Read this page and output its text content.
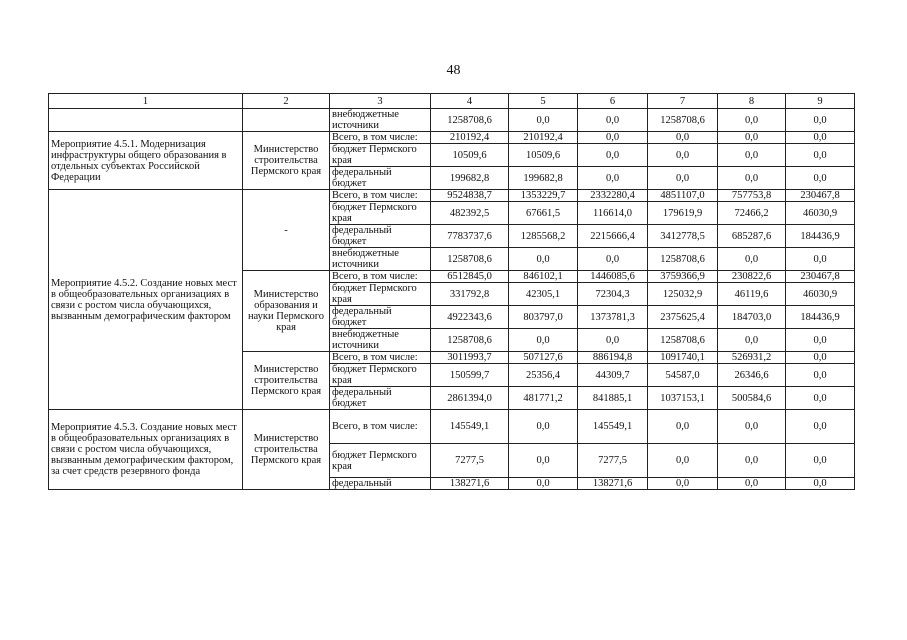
48
1	2	3	4	5	6	7	8	9
		внебюджетные источники	1258708,6	0,0	0,0	1258708,6	0,0	0,0
Мероприятие 4.5.1. Модернизация инфраструктуры общего образования в отдельных субъектах Российской Федерации	Министерство строительства Пермского края	Всего, в том числе:	210192,4	210192,4	0,0	0,0	0,0	0,0
		бюджет Пермского края	10509,6	10509,6	0,0	0,0	0,0	0,0
		федеральный бюджет	199682,8	199682,8	0,0	0,0	0,0	0,0
Мероприятие 4.5.2. Создание новых мест в общеобразовательных организациях в связи с ростом числа обучающихся, вызванным демографическим фактором	-	Всего, в том числе:	9524838,7	1353229,7	2332280,4	4851107,0	757753,8	230467,8
		бюджет Пермского края	482392,5	67661,5	116614,0	179619,9	72466,2	46030,9
		федеральный бюджет	7783737,6	1285568,2	2215666,4	3412778,5	685287,6	184436,9
		внебюджетные источники	1258708,6	0,0	0,0	1258708,6	0,0	0,0
	Министерство образования и науки Пермского края	Всего, в том числе:	6512845,0	846102,1	1446085,6	3759366,9	230822,6	230467,8
		бюджет Пермского края	331792,8	42305,1	72304,3	125032,9	46119,6	46030,9
		федеральный бюджет	4922343,6	803797,0	1373781,3	2375625,4	184703,0	184436,9
		внебюджетные источники	1258708,6	0,0	0,0	1258708,6	0,0	0,0
	Министерство строительства Пермского края	Всего, в том числе:	3011993,7	507127,6	886194,8	1091740,1	526931,2	0,0
		бюджет Пермского края	150599,7	25356,4	44309,7	54587,0	26346,6	0,0
		федеральный бюджет	2861394,0	481771,2	841885,1	1037153,1	500584,6	0,0
Мероприятие 4.5.3. Создание новых мест в общеобразовательных организациях в связи с ростом числа обучающихся, вызванным демографическим фактором, за счет средств резервного фонда	Министерство строительства Пермского края	Всего, в том числе:	145549,1	0,0	145549,1	0,0	0,0	0,0
		бюджет Пермского края	7277,5	0,0	7277,5	0,0	0,0	0,0
		федеральный	138271,6	0,0	138271,6	0,0	0,0	0,0
